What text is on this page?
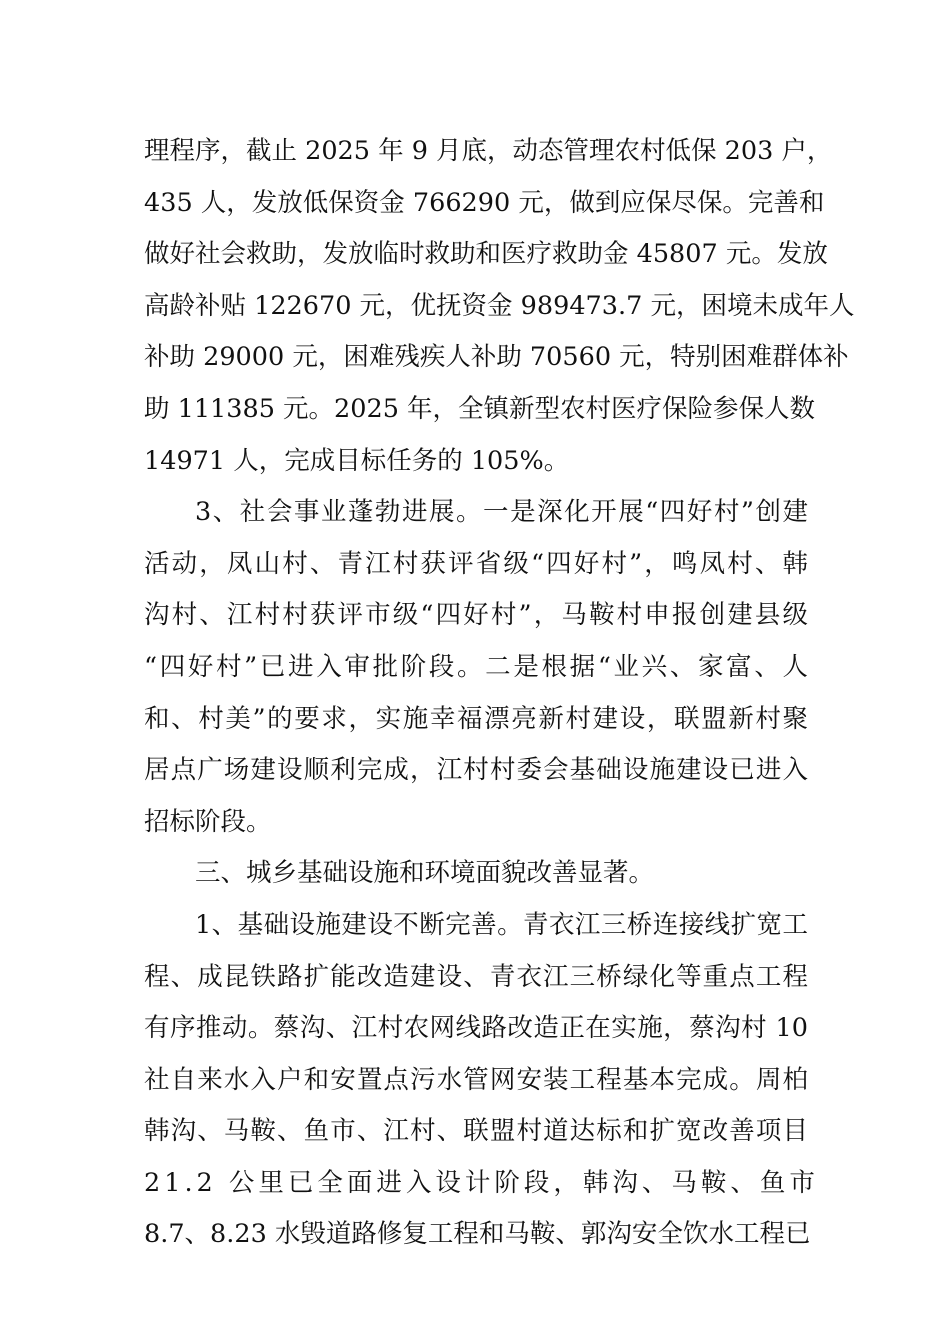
理程序，截止 2025 年 9 月底，动态管理农村低保 203 户，
435 人，发放低保资金 766290 元，做到应保尽保。完善和
做好社会救助，发放临时救助和医疗救助金 45807 元。发放
高龄补贴 122670 元，优抚资金 989473.7 元，困境未成年人
补助 29000 元，困难残疾人补助 70560 元，特别困难群体补
助 111385 元。2025 年，全镇新型农村医疗保险参保人数
14971 人，完成目标任务的 105%。
3、社会事业蓬勃进展。一是深化开展“四好村”创建
活动，凤山村、青江村获评省级“四好村”，鸣凤村、韩
沟村、江村村获评市级“四好村”，马鞍村申报创建县级
“四好村”已进入审批阶段。二是根据“业兴、家富、人
和、村美”的要求，实施幸福漂亮新村建设，联盟新村聚
居点广场建设顺利完成，江村村委会基础设施建设已进入
招标阶段。
三、城乡基础设施和环境面貌改善显著。
1、基础设施建设不断完善。青衣江三桥连接线扩宽工
程、成昆铁路扩能改造建设、青衣江三桥绿化等重点工程
有序推动。蔡沟、江村农网线路改造正在实施，蔡沟村 10
社自来水入户和安置点污水管网安装工程基本完成。周柏
韩沟、马鞍、鱼市、江村、联盟村道达标和扩宽改善项目
21.2 公里已全面进入设计阶段，韩沟、马鞍、鱼市
8.7、8.23 水毁道路修复工程和马鞍、郭沟安全饮水工程已
